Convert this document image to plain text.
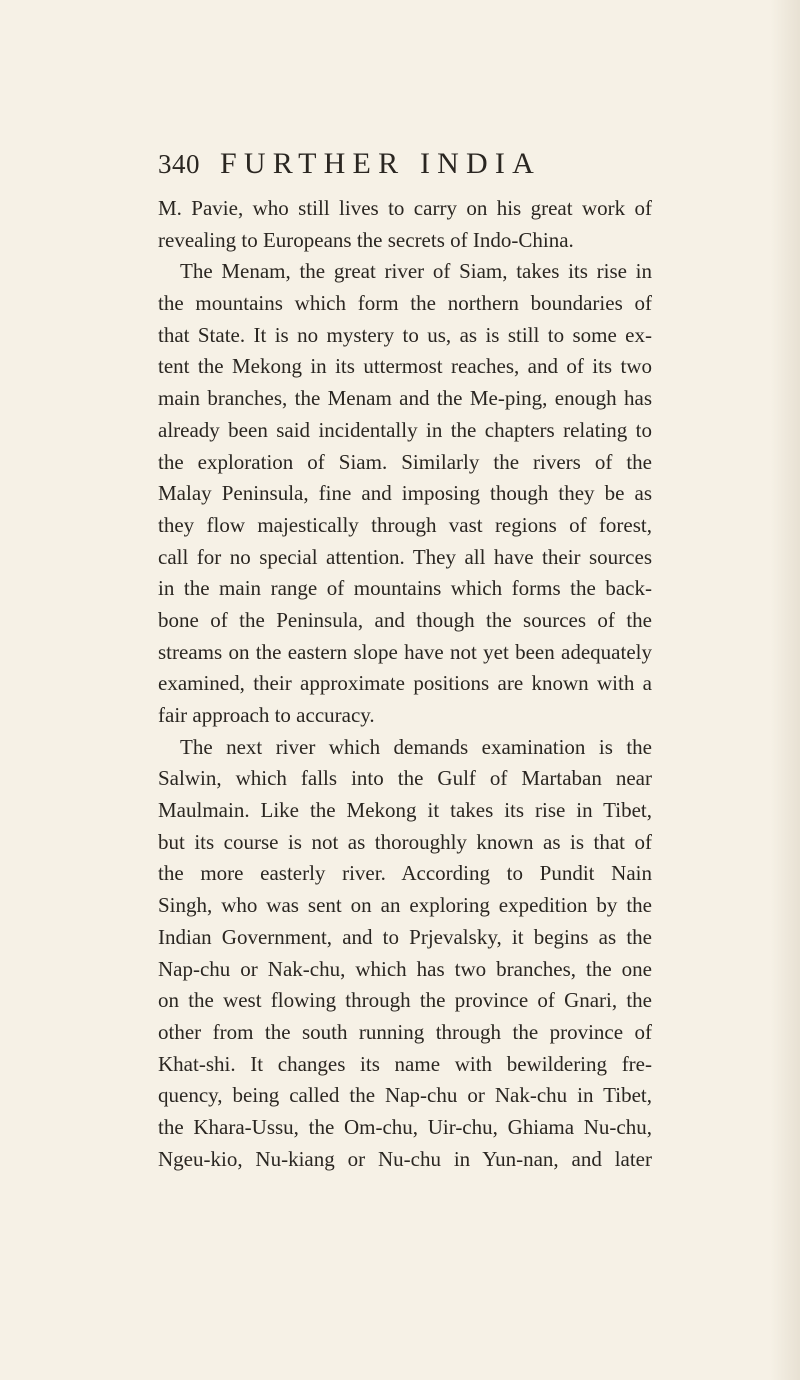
340 FURTHER INDIA
M. Pavie, who still lives to carry on his great work of
revealing to Europeans the secrets of Indo-China.
The Menam, the great river of Siam, takes its rise in
the mountains which form the northern boundaries of
that State. It is no mystery to us, as is still to some ex-
tent the Mekong in its uttermost reaches, and of its two
main branches, the Menam and the Me-ping, enough has
already been said incidentally in the chapters relating to
the exploration of Siam. Similarly the rivers of the
Malay Peninsula, fine and imposing though they be as
they flow majestically through vast regions of forest,
call for no special attention. They all have their sources
in the main range of mountains which forms the back-
bone of the Peninsula, and though the sources of the
streams on the eastern slope have not yet been adequately
examined, their approximate positions are known with a
fair approach to accuracy.
The next river which demands examination is the
Salwin, which falls into the Gulf of Martaban near
Maulmain. Like the Mekong it takes its rise in Tibet,
but its course is not as thoroughly known as is that of
the more easterly river. According to Pundit Nain
Singh, who was sent on an exploring expedition by the
Indian Government, and to Prjevalsky, it begins as the
Nap-chu or Nak-chu, which has two branches, the one
on the west flowing through the province of Gnari, the
other from the south running through the province of
Khat-shi. It changes its name with bewildering fre-
quency, being called the Nap-chu or Nak-chu in Tibet,
the Khara-Ussu, the Om-chu, Uir-chu, Ghiama Nu-chu,
Ngeu-kio, Nu-kiang or Nu-chu in Yun-nan, and later
